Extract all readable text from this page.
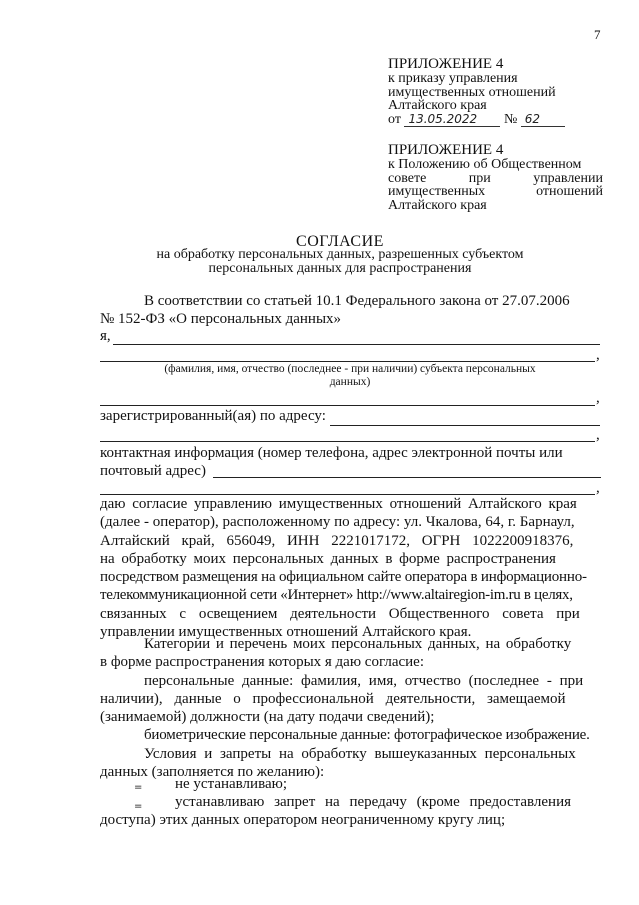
7
ПРИЛОЖЕНИЕ 4
к приказу управления
имущественных отношений
Алтайского края
от 13.05.2022 № 62
ПРИЛОЖЕНИЕ 4
к Положению об Общественном
совете	при	управлении
имущественных	отношений
Алтайского края
СОГЛАСИЕ
на обработку персональных данных, разрешенных субъектом
персональных данных для распространения
В соответствии со статьей 10.1 Федерального закона от 27.07.2006
№ 152-ФЗ «О персональных данных»
я,
,
(фамилия, имя, отчество (последнее - при наличии) субъекта персональных
данных)
,
зарегистрированный(ая) по адресу:
,
контактная информация (номер телефона, адрес электронной почты или
почтовый адрес)
,
даю согласие управлению имущественных отношений Алтайского края
(далее - оператор), расположенному по адресу: ул. Чкалова, 64, г. Барнаул,
Алтайский край, 656049, ИНН 2221017172, ОГРН 1022200918376,
на обработку моих персональных данных в форме распространения
посредством размещения на официальном сайте оператора в информационно-
телекоммуникационной сети «Интернет» http://www.altairegion-im.ru в целях,
связанных с освещением деятельности Общественного совета при
управлении имущественных отношений Алтайского края.
Категории и перечень моих персональных данных, на обработку
в форме распространения которых я даю согласие:
персональные данные: фамилия, имя, отчество (последнее - при
наличии), данные о профессиональной деятельности, замещаемой
(занимаемой) должности (на дату подачи сведений);
биометрические персональные данные: фотографическое изображение.
Условия и запреты на обработку вышеуказанных персональных
данных (заполняется по желанию):
= не устанавливаю;
= устанавливаю запрет на передачу (кроме предоставления
доступа) этих данных оператором неограниченному кругу лиц;
